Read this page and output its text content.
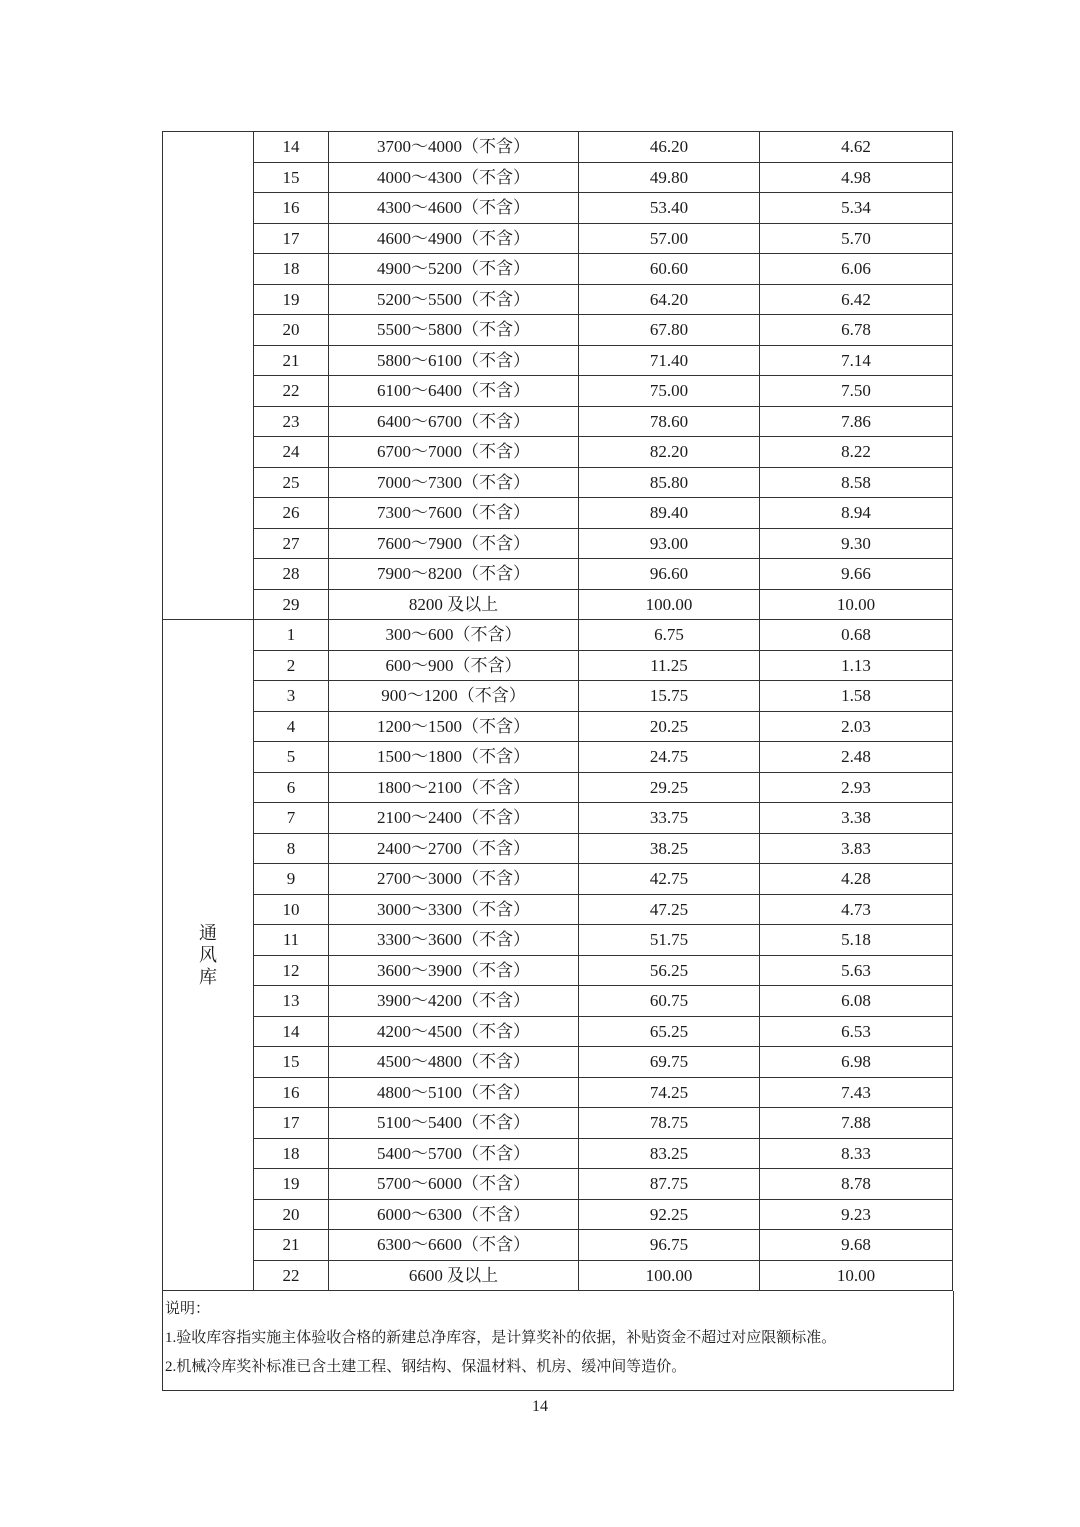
	14	3700～4000（不含）	46.20	4.62
	15	4000～4300（不含）	49.80	4.98
	16	4300～4600（不含）	53.40	5.34
	17	4600～4900（不含）	57.00	5.70
	18	4900～5200（不含）	60.60	6.06
	19	5200～5500（不含）	64.20	6.42
	20	5500～5800（不含）	67.80	6.78
	21	5800～6100（不含）	71.40	7.14
	22	6100～6400（不含）	75.00	7.50
	23	6400～6700（不含）	78.60	7.86
	24	6700～7000（不含）	82.20	8.22
	25	7000～7300（不含）	85.80	8.58
	26	7300～7600（不含）	89.40	8.94
	27	7600～7900（不含）	93.00	9.30
	28	7900～8200（不含）	96.60	9.66
	29	8200 及以上	100.00	10.00
通风库	1	300～600（不含）	6.75	0.68
	2	600～900（不含）	11.25	1.13
	3	900～1200（不含）	15.75	1.58
	4	1200～1500（不含）	20.25	2.03
	5	1500～1800（不含）	24.75	2.48
	6	1800～2100（不含）	29.25	2.93
	7	2100～2400（不含）	33.75	3.38
	8	2400～2700（不含）	38.25	3.83
	9	2700～3000（不含）	42.75	4.28
	10	3000～3300（不含）	47.25	4.73
	11	3300～3600（不含）	51.75	5.18
	12	3600～3900（不含）	56.25	5.63
	13	3900～4200（不含）	60.75	6.08
	14	4200～4500（不含）	65.25	6.53
	15	4500～4800（不含）	69.75	6.98
	16	4800～5100（不含）	74.25	7.43
	17	5100～5400（不含）	78.75	7.88
	18	5400～5700（不含）	83.25	8.33
	19	5700～6000（不含）	87.75	8.78
	20	6000～6300（不含）	92.25	9.23
	21	6300～6600（不含）	96.75	9.68
	22	6600 及以上	100.00	10.00
说明：
1.验收库容指实施主体验收合格的新建总净库容，是计算奖补的依据，补贴资金不超过对应限额标准。
2.机械冷库奖补标准已含土建工程、钢结构、保温材料、机房、缓冲间等造价。
14
